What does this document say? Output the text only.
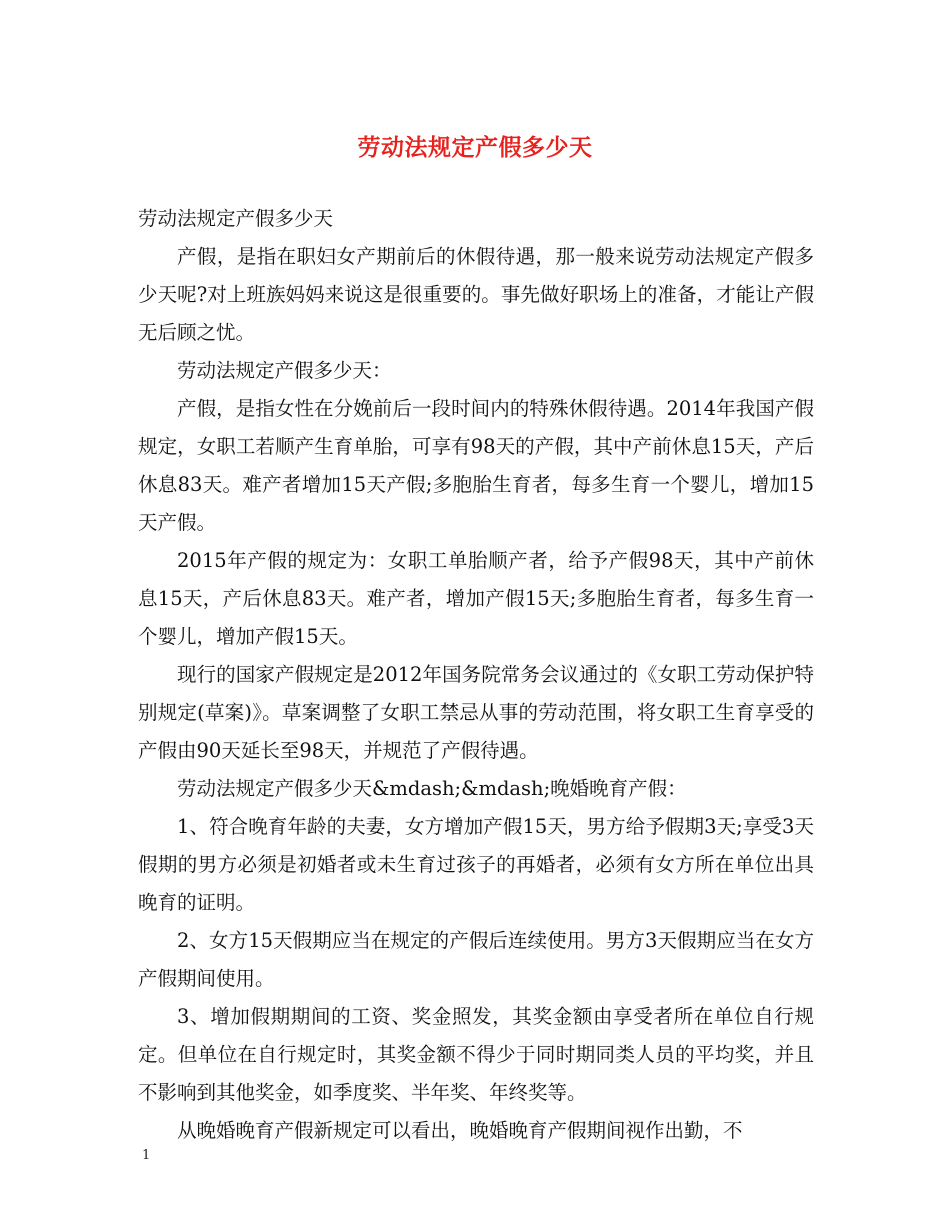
劳动法规定产假多少天

劳动法规定产假多少天

产假，是指在职妇女产期前后的休假待遇，那一般来说劳动法规定产假多少天呢?对上班族妈妈来说这是很重要的。事先做好职场上的准备，才能让产假无后顾之忧。

劳动法规定产假多少天：

产假，是指女性在分娩前后一段时间内的特殊休假待遇。2014年我国产假规定，女职工若顺产生育单胎，可享有98天的产假，其中产前休息15天，产后休息83天。难产者增加15天产假;多胞胎生育者，每多生育一个婴儿，增加15天产假。

2015年产假的规定为：女职工单胎顺产者，给予产假98天，其中产前休息15天，产后休息83天。难产者，增加产假15天;多胞胎生育者，每多生育一个婴儿，增加产假15天。

现行的国家产假规定是2012年国务院常务会议通过的《女职工劳动保护特别规定(草案)》。草案调整了女职工禁忌从事的劳动范围，将女职工生育享受的产假由90天延长至98天，并规范了产假待遇。

劳动法规定产假多少天&mdash;&mdash;晚婚晚育产假：

1、符合晚育年龄的夫妻，女方增加产假15天，男方给予假期3天;享受3天假期的男方必须是初婚者或未生育过孩子的再婚者，必须有女方所在单位出具晚育的证明。

2、女方15天假期应当在规定的产假后连续使用。男方3天假期应当在女方产假期间使用。

3、增加假期期间的工资、奖金照发，其奖金额由享受者所在单位自行规定。但单位在自行规定时，其奖金额不得少于同时期同类人员的平均奖，并且不影响到其他奖金，如季度奖、半年奖、年终奖等。

从晚婚晚育产假新规定可以看出，晚婚晚育产假期间视作出勤，不

1
